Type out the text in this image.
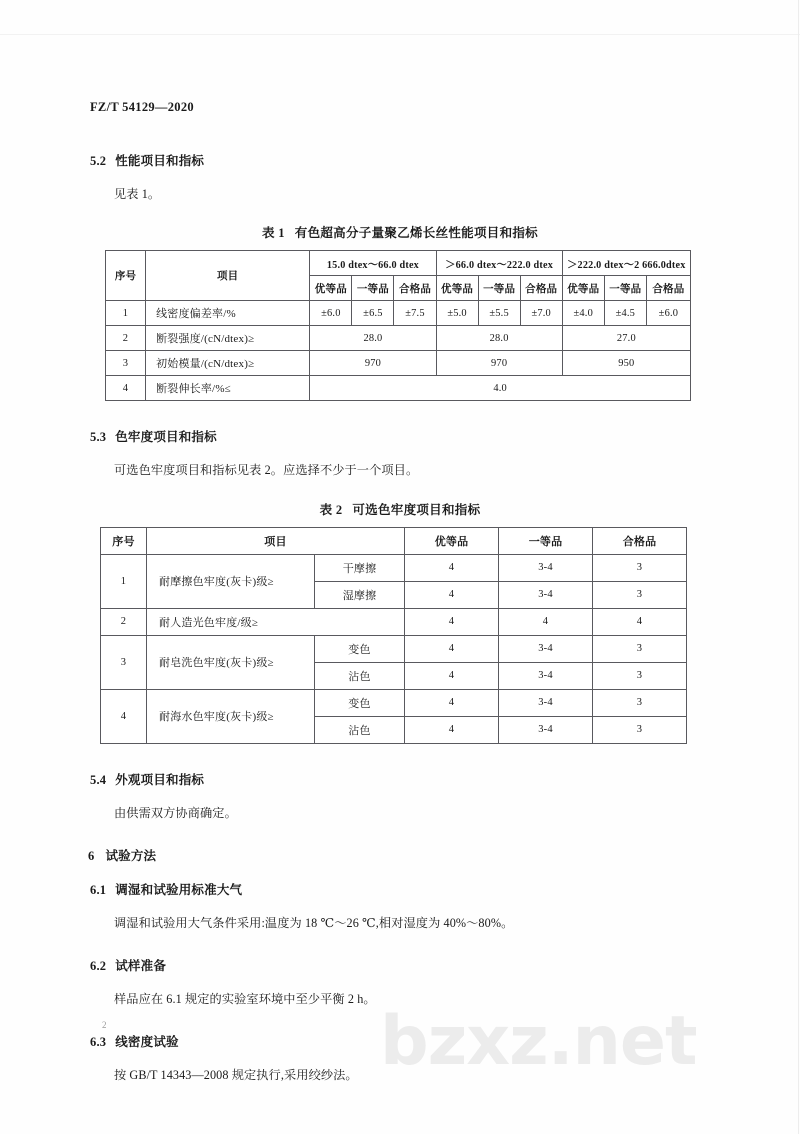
bzxz.net
FZ/T 54129—2020
5.2 性能项目和指标
见表 1。
表 1 有色超高分子量聚乙烯长丝性能项目和指标
序号	项目	15.0 dtex～66.0 dtex			＞66.0 dtex～222.0 dtex			＞222.0 dtex～2 666.0dtex		
		优等品	一等品	合格品	优等品	一等品	合格品	优等品	一等品	合格品
1	线密度偏差率/%	±6.0	±6.5	±7.5	±5.0	±5.5	±7.0	±4.0	±4.5	±6.0
2	断裂强度/(cN/dtex)≥	28.0			28.0			27.0		
3	初始模量/(cN/dtex)≥	970			970			950		
4	断裂伸长率/%≤	4.0								
5.3 色牢度项目和指标
可选色牢度项目和指标见表 2。应选择不少于一个项目。
表 2 可选色牢度项目和指标
序号	项目		优等品	一等品	合格品
1	耐摩擦色牢度(灰卡)级≥	干摩擦	4	3-4	3
		湿摩擦	4	3-4	3
2	耐人造光色牢度/级≥		4	4	4
3	耐皂洗色牢度(灰卡)级≥	变色	4	3-4	3
		沾色	4	3-4	3
4	耐海水色牢度(灰卡)级≥	变色	4	3-4	3
		沾色	4	3-4	3
5.4 外观项目和指标
由供需双方协商确定。
6 试验方法
6.1 调湿和试验用标准大气
调湿和试验用大气条件采用:温度为 18 ℃～26 ℃,相对湿度为 40%～80%。
6.2 试样准备
样品应在 6.1 规定的实验室环境中至少平衡 2 h。
6.3 线密度试验
按 GB/T 14343—2008 规定执行,采用绞纱法。
2
